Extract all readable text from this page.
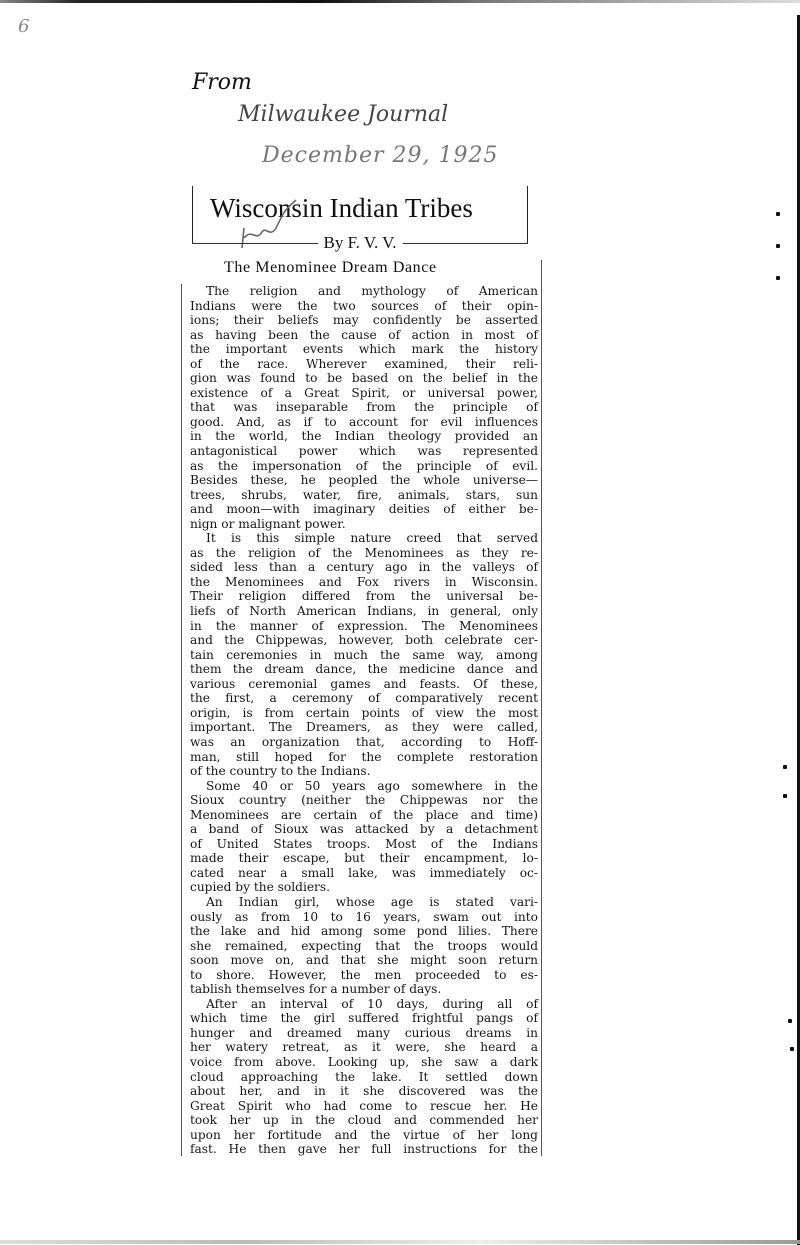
6
From
Milwaukee Journal
December 29, 1925
Wisconsin Indian Tribes
By F. V. V.
The Menominee Dream Dance
The religion and mythology of American
Indians were the two sources of their opin-
ions; their beliefs may confidently be asserted
as having been the cause of action in most of
the important events which mark the history
of the race. Wherever examined, their reli-
gion was found to be based on the belief in the
existence of a Great Spirit, or universal power,
that was inseparable from the principle of
good. And, as if to account for evil influences
in the world, the Indian theology provided an
antagonistical power which was represented
as the impersonation of the principle of evil.
Besides these, he peopled the whole universe—
trees, shrubs, water, fire, animals, stars, sun
and moon—with imaginary deities of either be-
nign or malignant power.
It is this simple nature creed that served
as the religion of the Menominees as they re-
sided less than a century ago in the valleys of
the Menominees and Fox rivers in Wisconsin.
Their religion differed from the universal be-
liefs of North American Indians, in general, only
in the manner of expression. The Menominees
and the Chippewas, however, both celebrate cer-
tain ceremonies in much the same way, among
them the dream dance, the medicine dance and
various ceremonial games and feasts. Of these,
the first, a ceremony of comparatively recent
origin, is from certain points of view the most
important. The Dreamers, as they were called,
was an organization that, according to Hoff-
man, still hoped for the complete restoration
of the country to the Indians.
Some 40 or 50 years ago somewhere in the
Sioux country (neither the Chippewas nor the
Menominees are certain of the place and time)
a band of Sioux was attacked by a detachment
of United States troops. Most of the Indians
made their escape, but their encampment, lo-
cated near a small lake, was immediately oc-
cupied by the soldiers.
An Indian girl, whose age is stated vari-
ously as from 10 to 16 years, swam out into
the lake and hid among some pond lilies. There
she remained, expecting that the troops would
soon move on, and that she might soon return
to shore. However, the men proceeded to es-
tablish themselves for a number of days.
After an interval of 10 days, during all of
which time the girl suffered frightful pangs of
hunger and dreamed many curious dreams in
her watery retreat, as it were, she heard a
voice from above. Looking up, she saw a dark
cloud approaching the lake. It settled down
about her, and in it she discovered was the
Great Spirit who had come to rescue her. He
took her up in the cloud and commended her
upon her fortitude and the virtue of her long
fast. He then gave her full instructions for the
